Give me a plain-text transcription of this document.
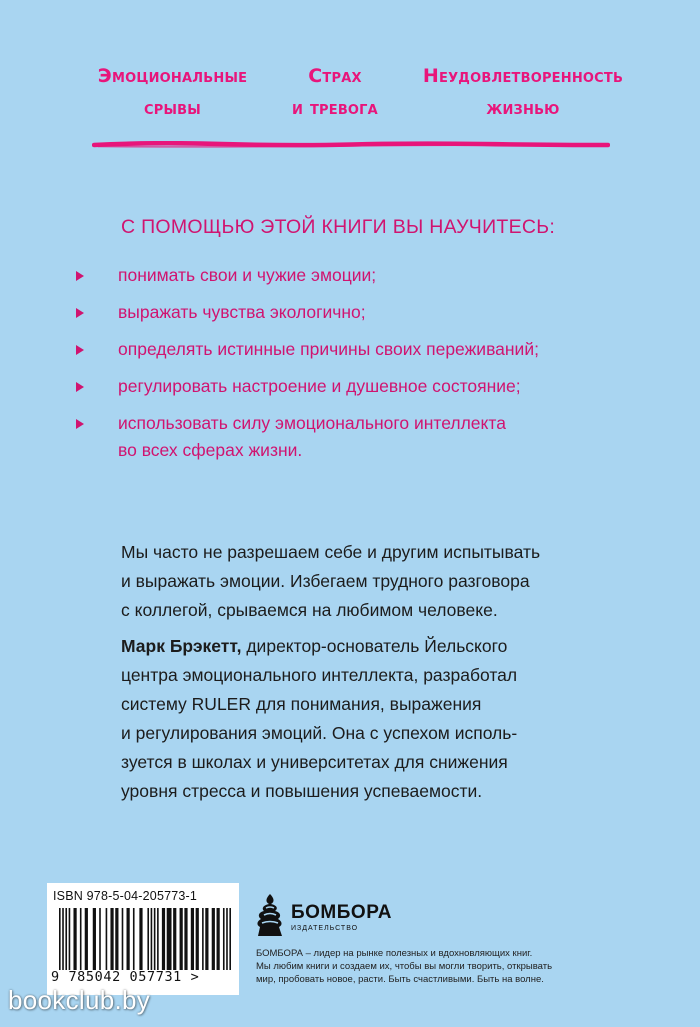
Эмоциональные
срывы
Страх
и тревога
Неудовлетворенность
жизнью
С ПОМОЩЬЮ ЭТОЙ КНИГИ ВЫ НАУЧИТЕСЬ:
понимать свои и чужие эмоции;
выражать чувства экологично;
определять истинные причины своих переживаний;
регулировать настроение и душевное состояние;
использовать силу эмоционального интеллекта
во всех сферах жизни.
Мы часто не разрешаем себе и другим испытывать
и выражать эмоции. Избегаем трудного разговора
с коллегой, срываемся на любимом человеке.
Марк Брэкетт, директор-основатель Йельского
центра эмоционального интеллекта, разработал
систему RULER для понимания, выражения
и регулирования эмоций. Она с успехом исполь-
зуется в школах и университетах для снижения
уровня стресса и повышения успеваемости.
ISBN 978-5-04-205773-1
9 785042 057731 >
БОМБОРА
ИЗДАТЕЛЬСТВО
БОМБОРА – лидер на рынке полезных и вдохновляющих книг.
Мы любим книги и создаем их, чтобы вы могли творить, открывать
мир, пробовать новое, расти. Быть счастливыми. Быть на волне.
bookclub.by
